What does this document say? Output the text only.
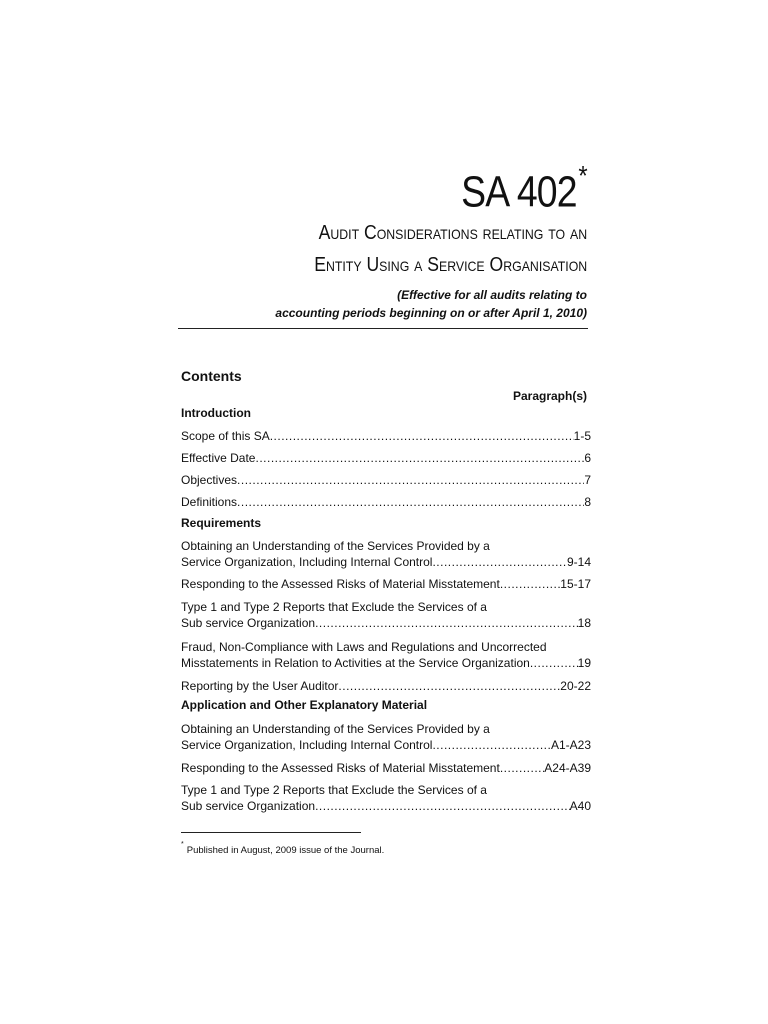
SA 402*
Audit Considerations relating to an
Entity Using a Service Organisation
(Effective for all audits relating to
accounting periods beginning on or after April 1, 2010)
Contents
Paragraph(s)
Introduction
Scope of this SA .....	1-5
Effective Date .....	6
Objectives .....	7
Definitions .....	8
Requirements
Obtaining an Understanding of the Services Provided by a
Service Organization, Including Internal Control .....	9-14
Responding to the Assessed Risks of Material Misstatement .....	15-17
Type 1 and Type 2 Reports that Exclude the Services of a
Sub service Organization .....	18
Fraud, Non-Compliance with Laws and Regulations and Uncorrected
Misstatements in Relation to Activities at the Service Organization .....	19
Reporting by the User Auditor .....	20-22
Application and Other Explanatory Material
Obtaining an Understanding of the Services Provided by a
Service Organization, Including Internal Control .....	A1-A23
Responding to the Assessed Risks of Material Misstatement .....	A24-A39
Type 1 and Type 2 Reports that Exclude the Services of a
Sub service Organization .....	A40
*Published in August, 2009 issue of the Journal.
